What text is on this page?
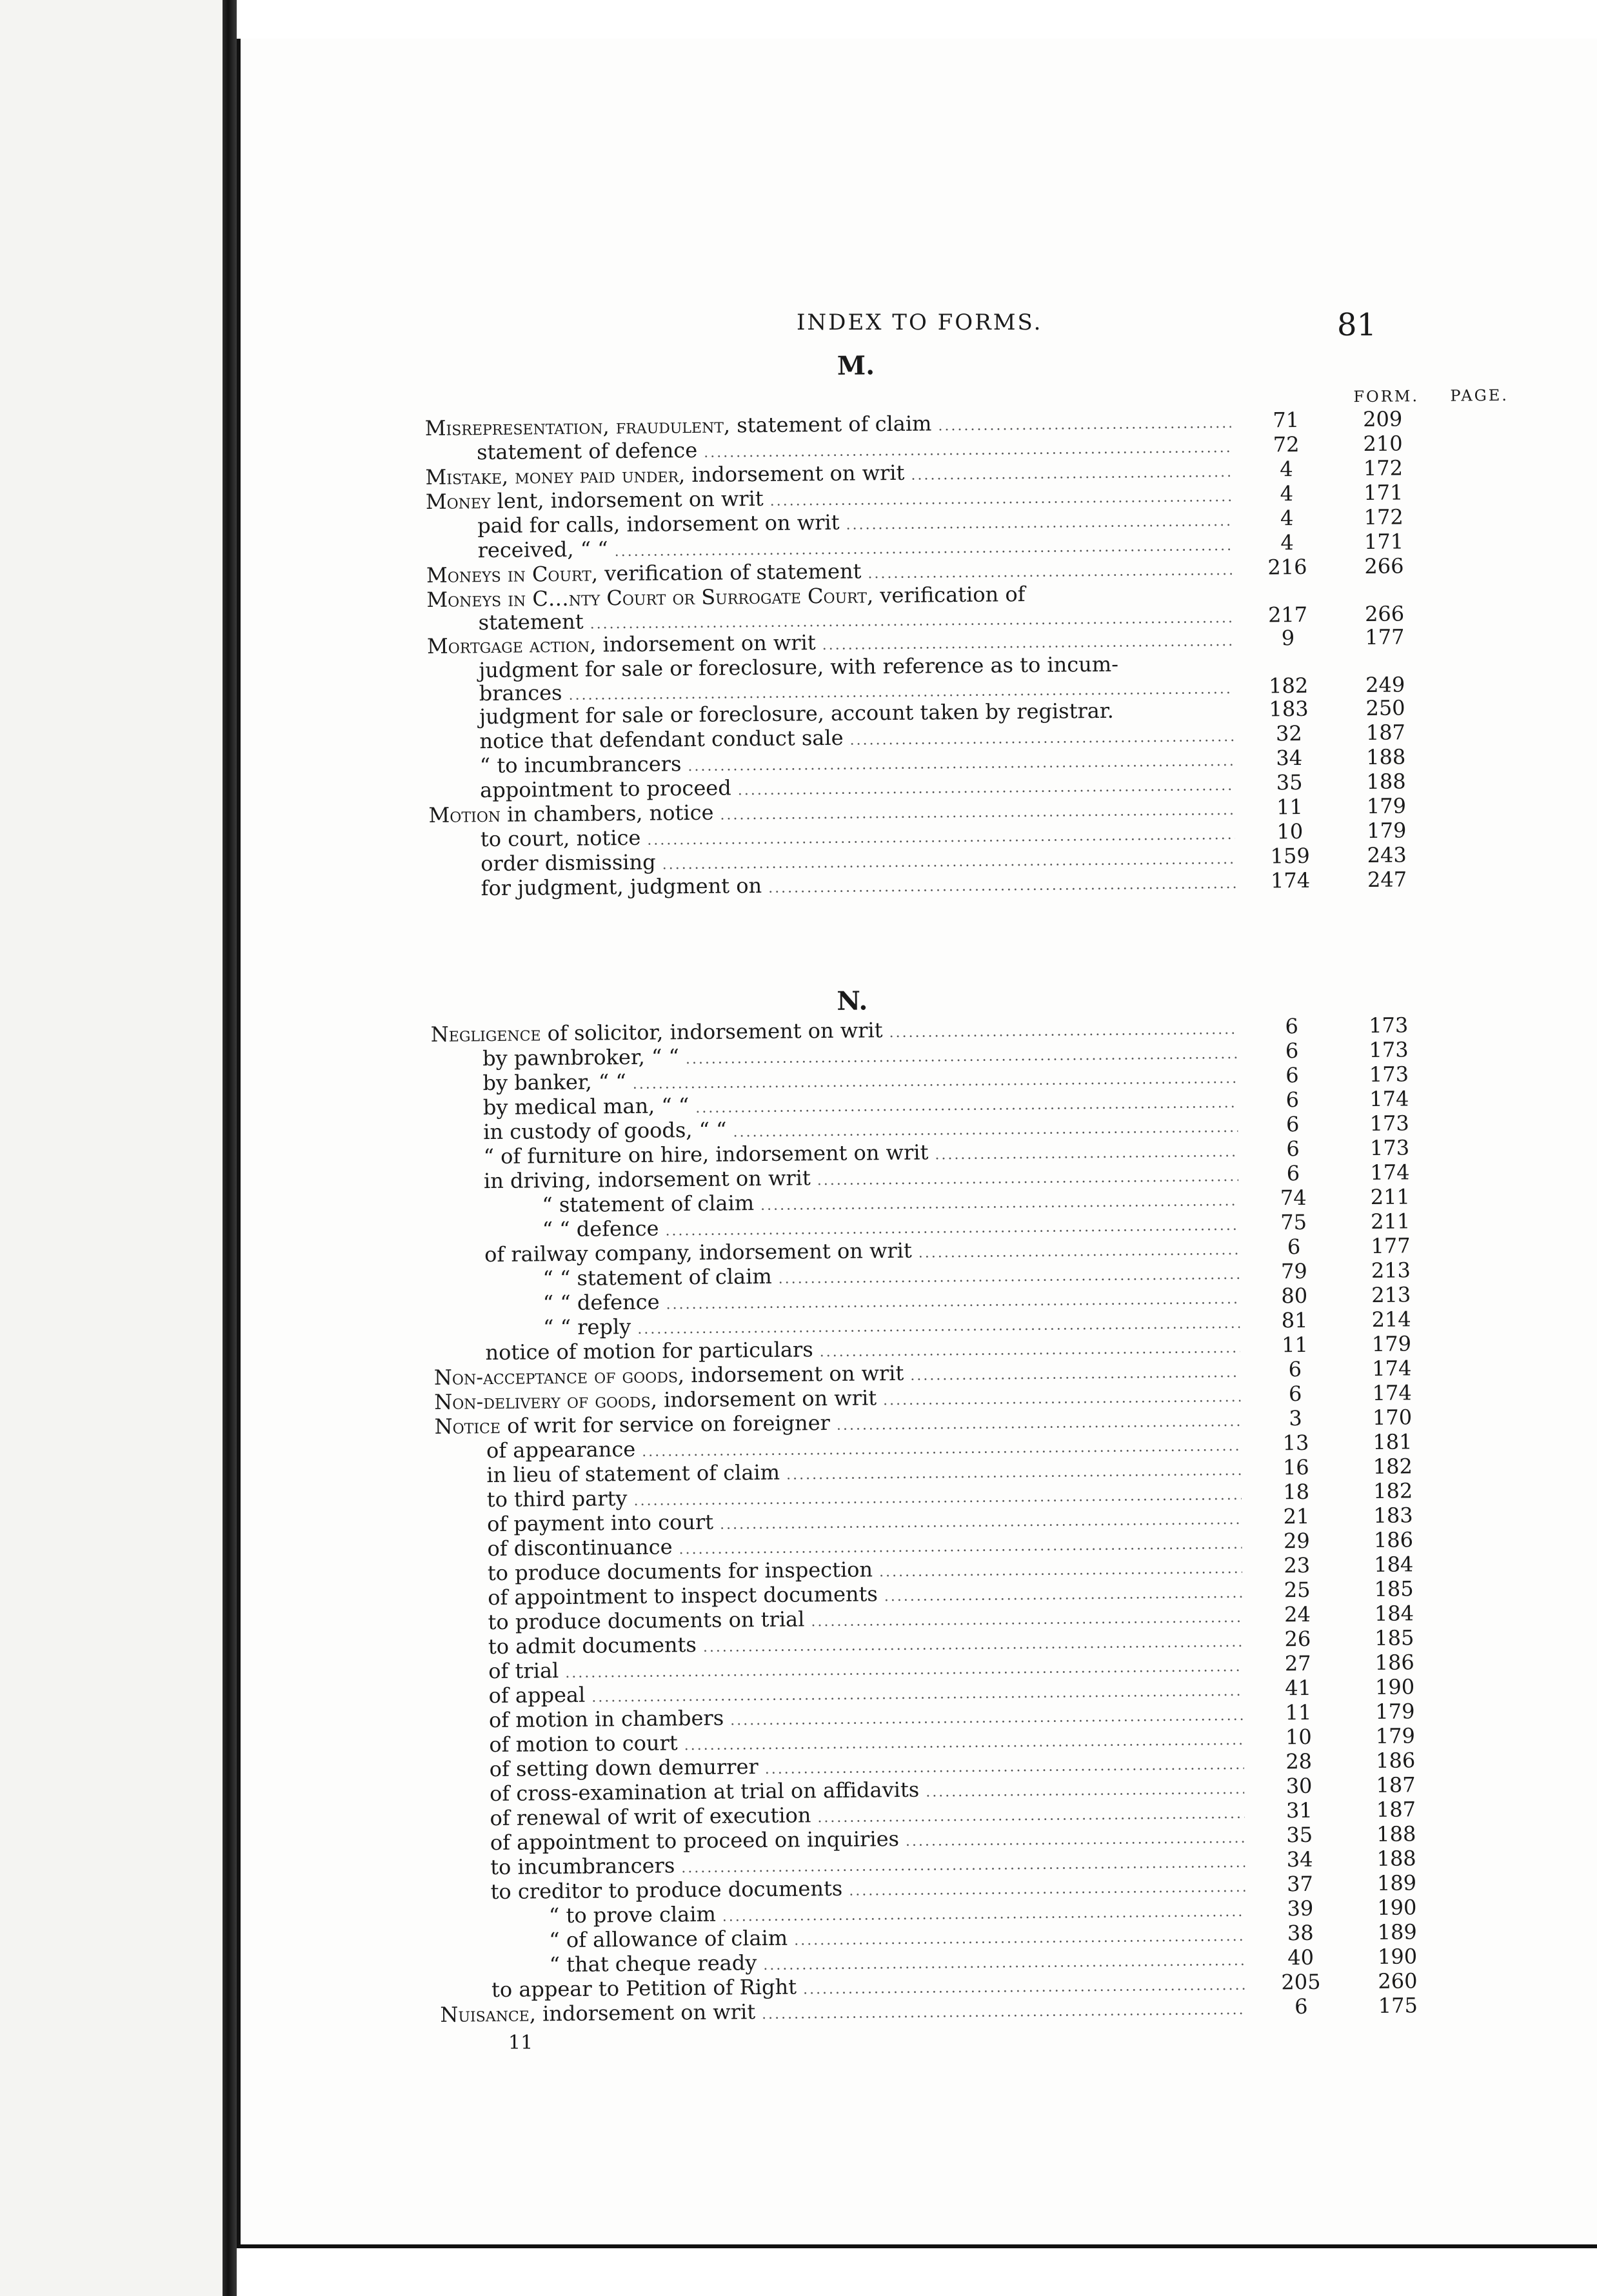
INDEX TO FORMS.	81
M.
FORM. PAGE.
Misrepresentation, fraudulent, statement of claim .....	71	209
statement of defence .....	72	210
Mistake, money paid under, indorsement on writ .....	4	172
Money lent, indorsement on writ .....	4	171
paid for calls, indorsement on writ .....	4	172
received, “ “ .....	4	171
Moneys in Court, verification of statement .....	216	266
Moneys in C…nty Court or Surrogate Court, verification of
statement .....	217	266
Mortgage action, indorsement on writ .....	9	177
judgment for sale or foreclosure, with reference as to incum-
brances .....	182	249
judgment for sale or foreclosure, account taken by registrar.	183	250
notice that defendant conduct sale .....	32	187
“ to incumbrancers .....	34	188
appointment to proceed .....	35	188
Motion in chambers, notice .....	11	179
to court, notice .....	10	179
order dismissing .....	159	243
for judgment, judgment on .....	174	247
N.
Negligence of solicitor, indorsement on writ .....	6	173
by pawnbroker, “ “ .....	6	173
by banker, “ “ .....	6	173
by medical man, “ “ .....	6	174
in custody of goods, “ “ .....	6	173
“ of furniture on hire, indorsement on writ .....	6	173
in driving, indorsement on writ .....	6	174
“ statement of claim .....	74	211
“ “ defence .....	75	211
of railway company, indorsement on writ .....	6	177
“ “ statement of claim .....	79	213
“ “ defence .....	80	213
“ “ reply .....	81	214
notice of motion for particulars .....	11	179
Non-acceptance of goods, indorsement on writ .....	6	174
Non-delivery of goods, indorsement on writ .....	6	174
Notice of writ for service on foreigner .....	3	170
of appearance .....	13	181
in lieu of statement of claim .....	16	182
to third party .....	18	182
of payment into court .....	21	183
of discontinuance .....	29	186
to produce documents for inspection .....	23	184
of appointment to inspect documents .....	25	185
to produce documents on trial .....	24	184
to admit documents .....	26	185
of trial .....	27	186
of appeal .....	41	190
of motion in chambers .....	11	179
of motion to court .....	10	179
of setting down demurrer .....	28	186
of cross-examination at trial on affidavits .....	30	187
of renewal of writ of execution .....	31	187
of appointment to proceed on inquiries .....	35	188
to incumbrancers .....	34	188
to creditor to produce documents .....	37	189
“ to prove claim .....	39	190
“ of allowance of claim .....	38	189
“ that cheque ready .....	40	190
to appear to Petition of Right .....	205	260
Nuisance, indorsement on writ .....	6	175
11
